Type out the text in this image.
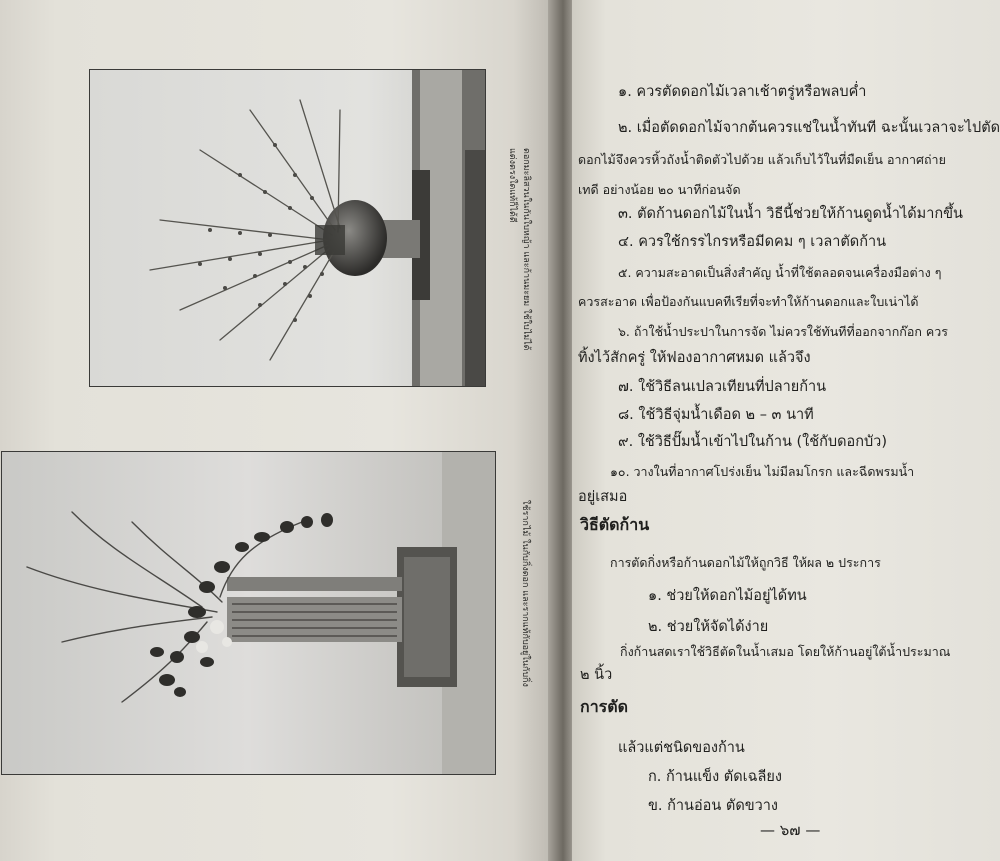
ดอกมะลิสวนในกันใบหญ้า และก้านมะยม ใช้ใบไม่ได้
แต่งตรงใดแท้ก็ได้ดี
ใช้รากไม้ ในกับกิ่งดอก และรากแท้กับอยู่ในกับกิ่ง
๑. ควรตัดดอกไม้เวลาเช้าตรู่หรือพลบค่ำ
๒. เมื่อตัดดอกไม้จากต้นควรแช่ในน้ำทันที ฉะนั้นเวลาจะไปตัด
ดอกไม้จึงควรหิ้วถังน้ำติดตัวไปด้วย แล้วเก็บไว้ในที่มืดเย็น อากาศถ่าย
เทดี อย่างน้อย ๒๐ นาทีก่อนจัด
๓. ตัดก้านดอกไม้ในน้ำ วิธีนี้ช่วยให้ก้านดูดน้ำได้มากขึ้น
๔. ควรใช้กรรไกรหรือมีดคม ๆ เวลาตัดก้าน
๕. ความสะอาดเป็นสิ่งสำคัญ น้ำที่ใช้ตลอดจนเครื่องมือต่าง ๆ
ควรสะอาด เพื่อป้องกันแบคทีเรียที่จะทำให้ก้านดอกและใบเน่าได้
๖. ถ้าใช้น้ำประปาในการจัด ไม่ควรใช้ทันทีที่ออกจากก๊อก ควร
ทิ้งไว้สักครู่ ให้ฟองอากาศหมด แล้วจึง
๗. ใช้วิธีลนเปลวเทียนที่ปลายก้าน
๘. ใช้วิธีจุ่มน้ำเดือด ๒ – ๓ นาที
๙. ใช้วิธีปั๊มน้ำเข้าไปในก้าน (ใช้กับดอกบัว)
๑๐. วางในที่อากาศโปร่งเย็น ไม่มีลมโกรก และฉีดพรมน้ำ
อยู่เสมอ
วิธีตัดก้าน
การตัดกิ่งหรือก้านดอกไม้ให้ถูกวิธี ให้ผล ๒ ประการ
๑. ช่วยให้ดอกไม้อยู่ได้ทน
๒. ช่วยให้จัดได้ง่าย
กิ่งก้านสดเราใช้วิธีตัดในน้ำเสมอ โดยให้ก้านอยู่ใต้น้ำประมาณ
๒ นิ้ว
การตัด
แล้วแต่ชนิดของก้าน
ก. ก้านแข็ง ตัดเฉลียง
ข. ก้านอ่อน ตัดขวาง
— ๖๗ —
